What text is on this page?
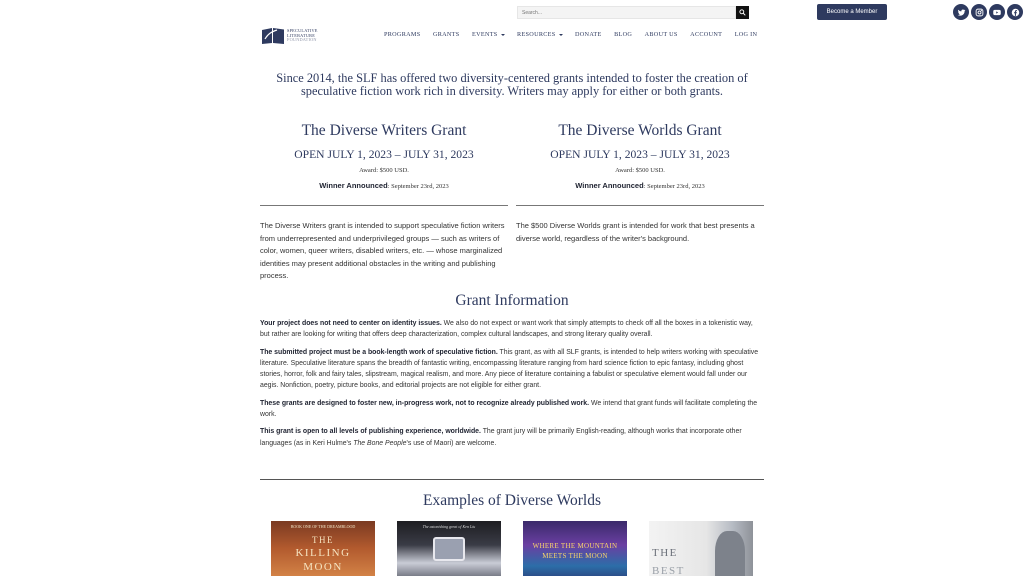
Search...
Become a Member
SPECULATIVE
LITERATURE
FOUNDATION
PROGRAMS GRANTS EVENTS	RESOURCES	DONATE BLOG ABOUT US ACCOUNT LOG IN
Since 2014, the SLF has offered two diversity-centered grants intended to foster the creation of speculative fiction work rich in diversity. Writers may apply for either or both grants.
The Diverse Writers Grant
OPEN JULY 1, 2023 – JULY 31, 2023
Award: $500 USD.
Winner Announced: September 23rd, 2023
The Diverse Worlds Grant
OPEN JULY 1, 2023 – JULY 31, 2023
Award: $500 USD.
Winner Announced: September 23rd, 2023
The Diverse Writers grant is intended to support speculative fiction writers from underrepresented and underprivileged groups — such as writers of color, women, queer writers, disabled writers, etc. — whose marginalized identities may present additional obstacles in the writing and publishing process.
The $500 Diverse Worlds grant is intended for work that best presents a diverse world, regardless of the writer's background.
Grant Information

Your project does not need to center on identity issues. We also do not expect or want work that simply attempts to check off all the boxes in a tokenistic way, but rather are looking for writing that offers deep characterization, complex cultural landscapes, and strong literary quality overall.

The submitted project must be a book-length work of speculative fiction. This grant, as with all SLF grants, is intended to help writers working with speculative literature. Speculative literature spans the breadth of fantastic writing, encompassing literature ranging from hard science fiction to epic fantasy, including ghost stories, horror, folk and fairy tales, slipstream, magical realism, and more. Any piece of literature containing a fabulist or speculative element would fall under our aegis. Nonfiction, poetry, picture books, and editorial projects are not eligible for either grant.

These grants are designed to foster new, in-progress work, not to recognize already published work. We intend that grant funds will facilitate completing the work.

This grant is open to all levels of publishing experience, worldwide. The grant jury will be primarily English-reading, although works that incorporate other languages (as in Keri Hulme's The Bone People's use of Maori) are welcome.

Examples of Diverse Worlds
BOOK ONE OF THE DREAMBLOOD
THE
KILLING
MOON
The astonishing great of Ken Liu
WHERE THE MOUNTAIN
MEETS THE MOON	THE
BEST
